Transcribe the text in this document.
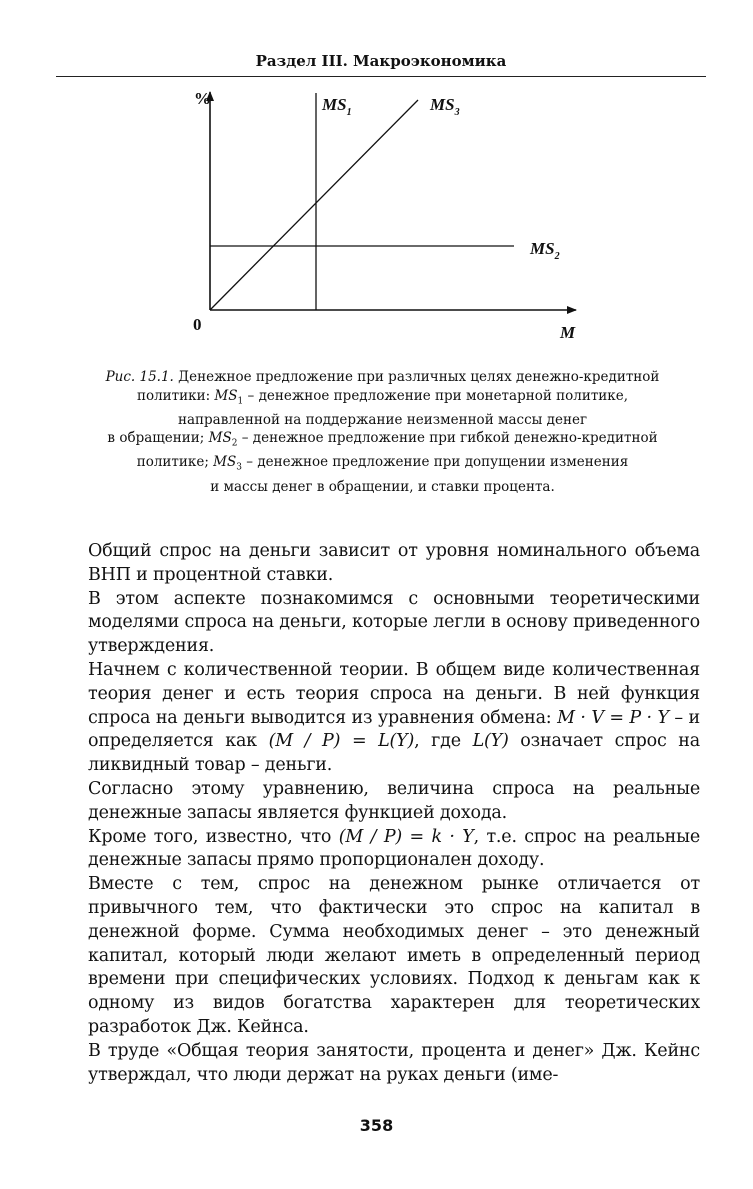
Раздел III. Макроэкономика
%
0	M
$MS_1$	$MS_3$
$MS_2$
Рис. 15.1. Денежное предложение при различных целях денежно-кредитной
политики: $MS_1$ – денежное предложение при монетарной политике,
направленной на поддержание неизменной массы денег
в обращении; $MS_2$ – денежное предложение при гибкой денежно-кредитной
политике; $MS_3$ – денежное предложение при допущении изменения
и массы денег в обращении, и ставки процента.

Общий спрос на деньги зависит от уровня номинального объема ВНП и процентной ставки.

В этом аспекте познакомимся с основными теоретическими моделями спроса на деньги, которые легли в основу приведенного утверждения.

Начнем с количественной теории. В общем виде количественная теория денег и есть теория спроса на деньги. В ней функция спроса на деньги выводится из уравнения обмена: M · V = P · Y – и определяется как (M / P) = L(Y), где L(Y) означает спрос на ликвидный товар – деньги.

Согласно этому уравнению, величина спроса на реальные денежные запасы является функцией дохода.

Кроме того, известно, что (M / P) = k · Y, т.е. спрос на реальные денежные запасы прямо пропорционален доходу.

Вместе с тем, спрос на денежном рынке отличается от привычного тем, что фактически это спрос на капитал в денежной форме. Сумма необходимых денег – это денежный капитал, который люди желают иметь в определенный период времени при специфических условиях. Подход к деньгам как к одному из видов богатства характерен для теоретических разработок Дж. Кейнса.

В труде «Общая теория занятости, процента и денег» Дж. Кейнс утверждал, что люди держат на руках деньги (име-

358
